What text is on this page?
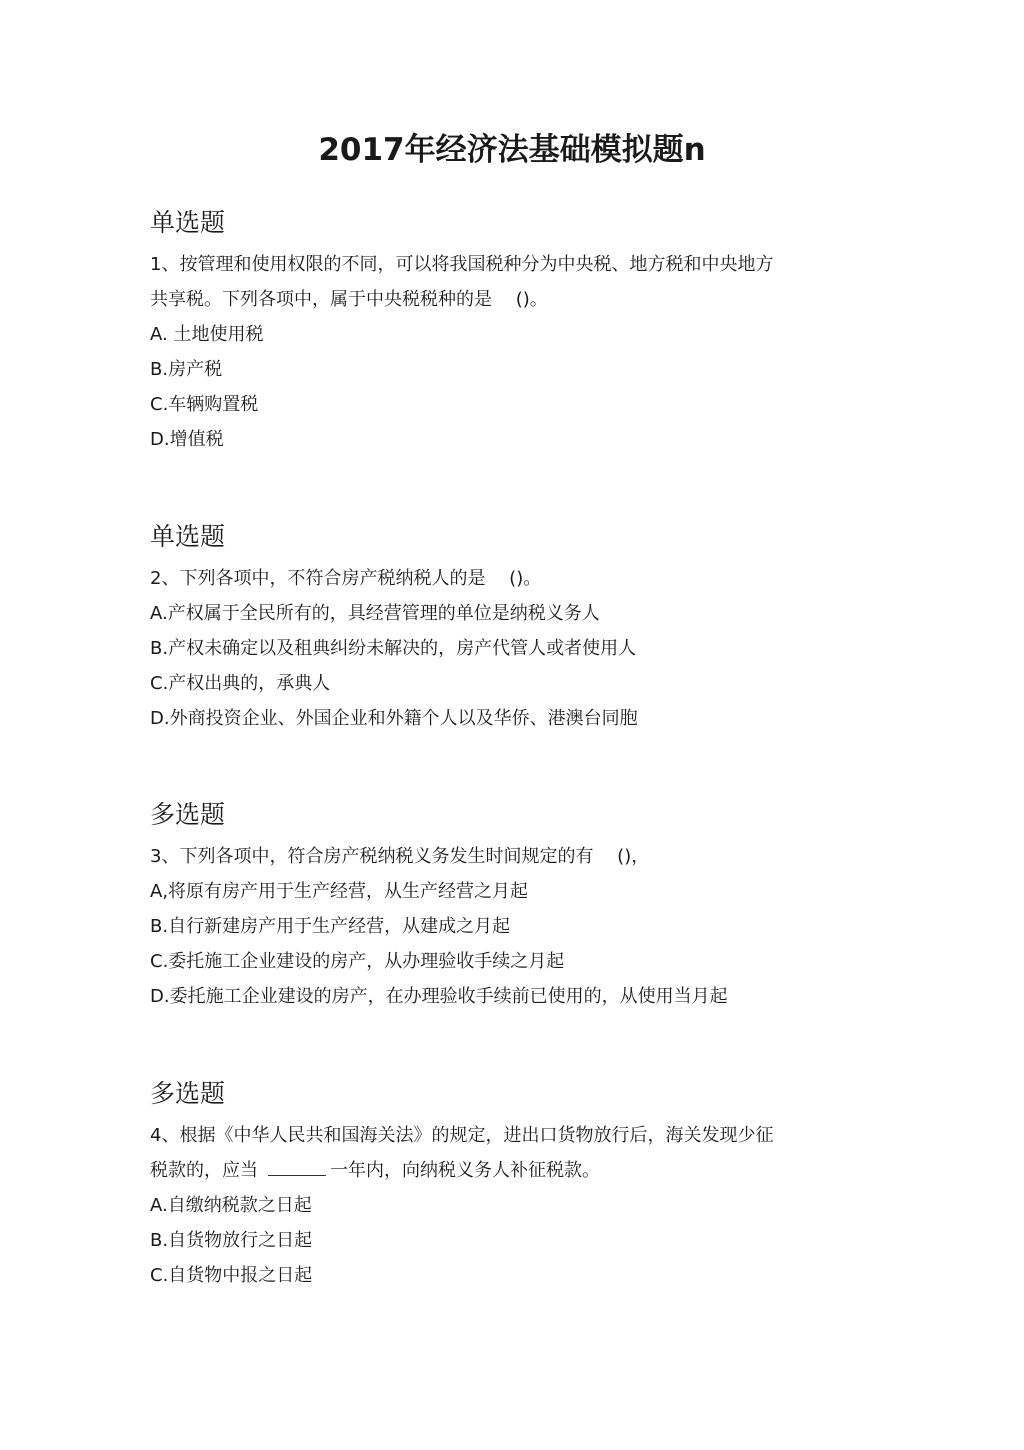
2017年经济法基础模拟题n
单选题
1、按管理和使用权限的不同，可以将我国税种分为中央税、地方税和中央地方
共享税。下列各项中，属于中央税税种的是　 ()。
A. 土地使用税
B.房产税
C.车辆购置税
D.增值税
单选题
2、下列各项中，不符合房产税纳税人的是　 ()。
A.产权属于全民所有的，具经营管理的单位是纳税义务人
B.产权未确定以及租典纠纷未解决的，房产代管人或者使用人
C.产权出典的，承典人
D.外商投资企业、外国企业和外籍个人以及华侨、港澳台同胞
多选题
3、下列各项中，符合房产税纳税义务发生时间规定的有　 ()，
A,将原有房产用于生产经营，从生产经营之月起
B.自行新建房产用于生产经营，从建成之月起
C.委托施工企业建设的房产，从办理验收手续之月起
D.委托施工企业建设的房产，在办理验收手续前已使用的，从使用当月起
多选题
4、根据《中华人民共和国海关法》的规定，进出口货物放行后，海关发现少征
税款的，应当	一年内，向纳税义务人补征税款。
A.自缴纳税款之日起
B.自货物放行之日起
C.自货物中报之日起
